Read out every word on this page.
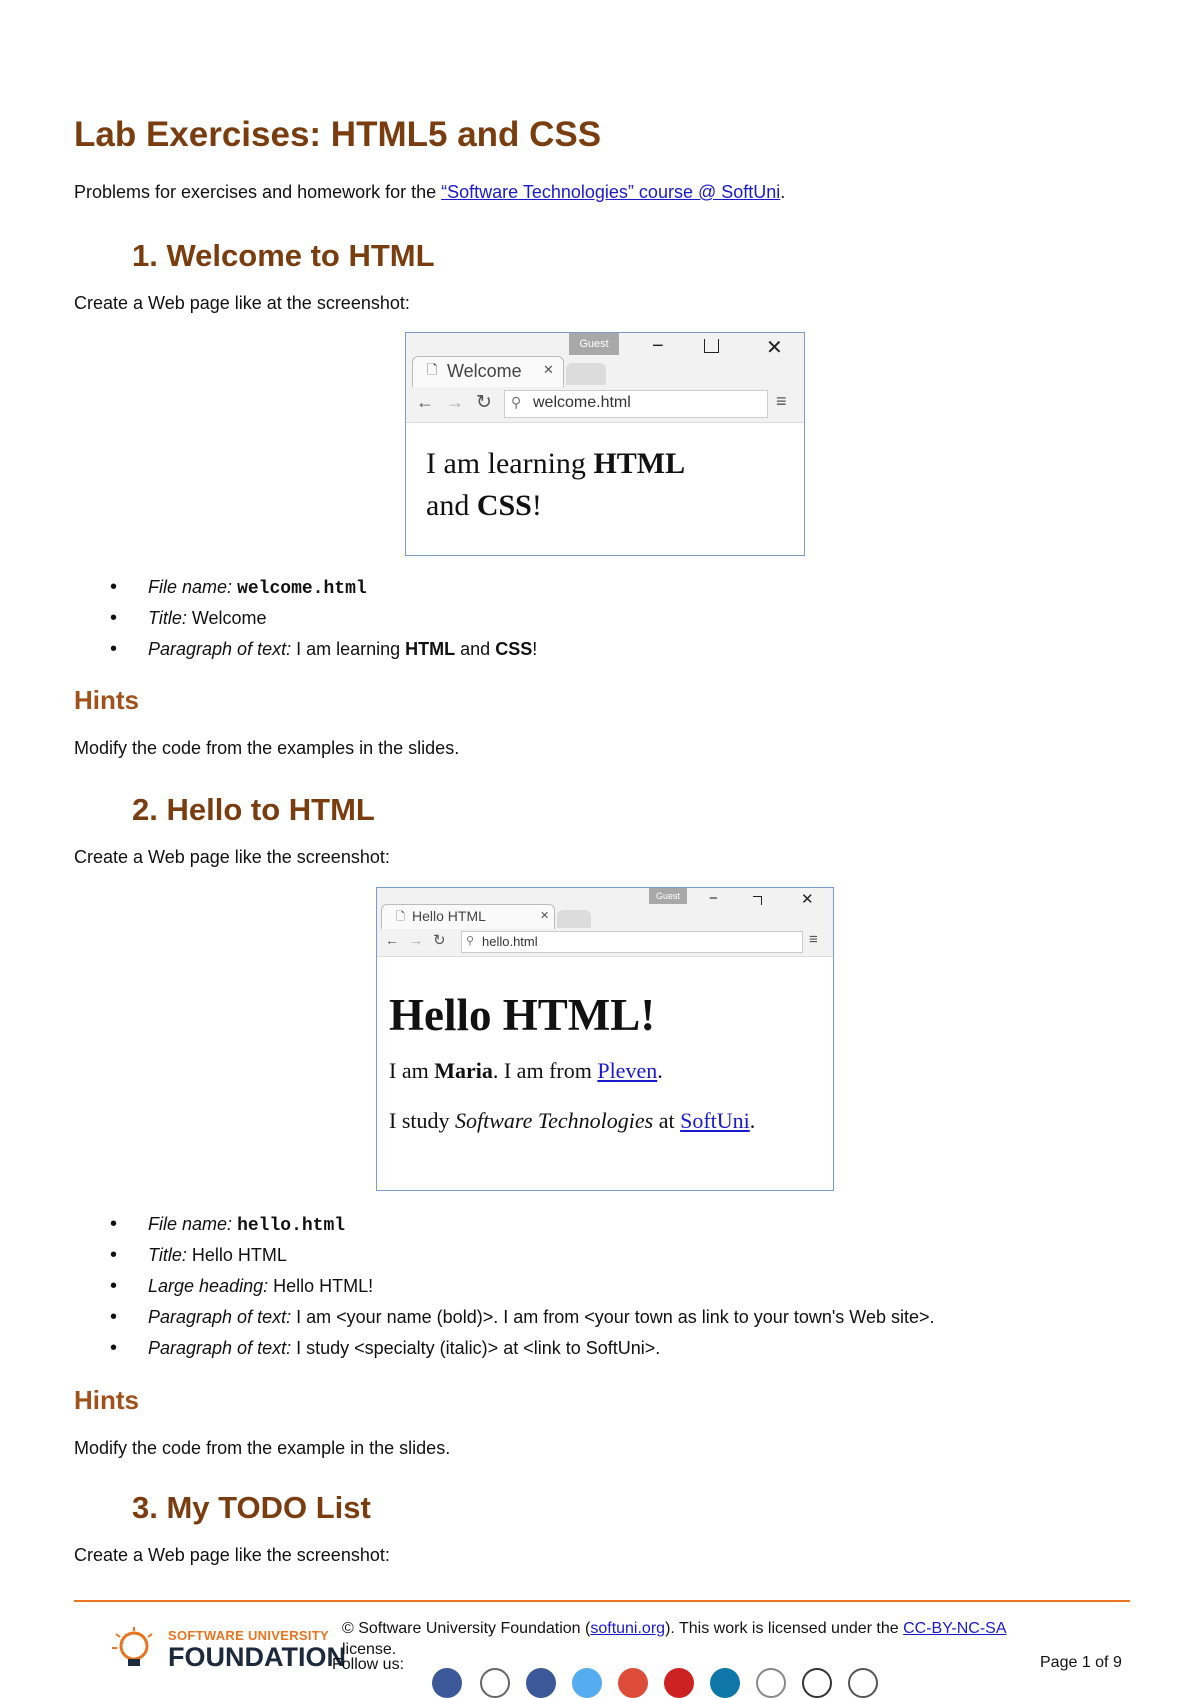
Lab Exercises: HTML5 and CSS

Problems for exercises and homework for the “Software Technologies” course @ SoftUni.

1. Welcome to HTML

Create a Web page like at the screenshot:

Guest	−	✕
🗋 Welcome ✕
← → ↻ ⚲ welcome.html	≡
I am learning HTML
and CSS!
• File name: welcome.html
• Title: Welcome
• Paragraph of text: I am learning HTML and CSS!
Hints

Modify the code from the examples in the slides.

2. Hello to HTML

Create a Web page like the screenshot:

Guest	−	✕
🗋 Hello HTML	✕
← → ↻ ⚲ hello.html	≡
Hello HTML!
I am Maria. I am from Pleven.
I study Software Technologies at SoftUni.
• File name: hello.html
• Title: Hello HTML
• Large heading: Hello HTML!
• Paragraph of text: I am <your name (bold)>. I am from <your town as link to your town's Web site>.
• Paragraph of text: I study <specialty (italic)> at <link to SoftUni>.
Hints

Modify the code from the example in the slides.

3. My TODO List

Create a Web page like the screenshot:

SOFTWARE UNIVERSITY
FOUNDATION
© Software University Foundation (softuni.org). This work is licensed under the CC-BY-NC-SA
license.
Follow us:	Page 1 of 9
